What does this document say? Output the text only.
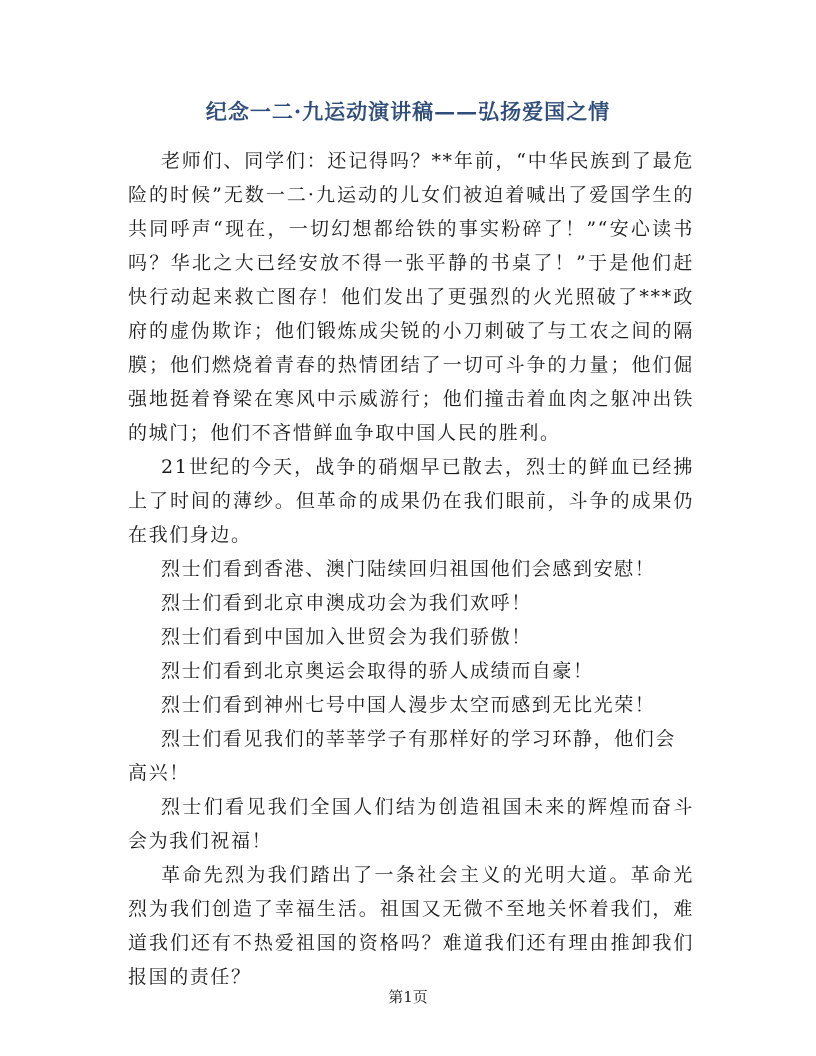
纪念一二·九运动演讲稿——弘扬爱国之情

老师们、同学们：还记得吗？**年前，“中华民族到了最危险的时候”无数一二·九运动的儿女们被迫着喊出了爱国学生的共同呼声“现在，一切幻想都给铁的事实粉碎了！”“安心读书吗？华北之大已经安放不得一张平静的书桌了！”于是他们赶快行动起来救亡图存！他们发出了更强烈的火光照破了***政府的虚伪欺诈；他们锻炼成尖锐的小刀刺破了与工农之间的隔膜；他们燃烧着青春的热情团结了一切可斗争的力量；他们倔强地挺着脊梁在寒风中示威游行；他们撞击着血肉之躯冲出铁的城门；他们不吝惜鲜血争取中国人民的胜利。

21世纪的今天，战争的硝烟早已散去，烈士的鲜血已经拂上了时间的薄纱。但革命的成果仍在我们眼前，斗争的成果仍在我们身边。

烈士们看到香港、澳门陆续回归祖国他们会感到安慰！

烈士们看到北京申澳成功会为我们欢呼！

烈士们看到中国加入世贸会为我们骄傲！

烈士们看到北京奥运会取得的骄人成绩而自豪！

烈士们看到神州七号中国人漫步太空而感到无比光荣！

烈士们看见我们的莘莘学子有那样好的学习环静，他们会高兴！

烈士们看见我们全国人们结为创造祖国未来的辉煌而奋斗会为我们祝福！

革命先烈为我们踏出了一条社会主义的光明大道。革命光烈为我们创造了幸福生活。祖国又无微不至地关怀着我们，难道我们还有不热爱祖国的资格吗？难道我们还有理由推卸我们报国的责任？

第1页
